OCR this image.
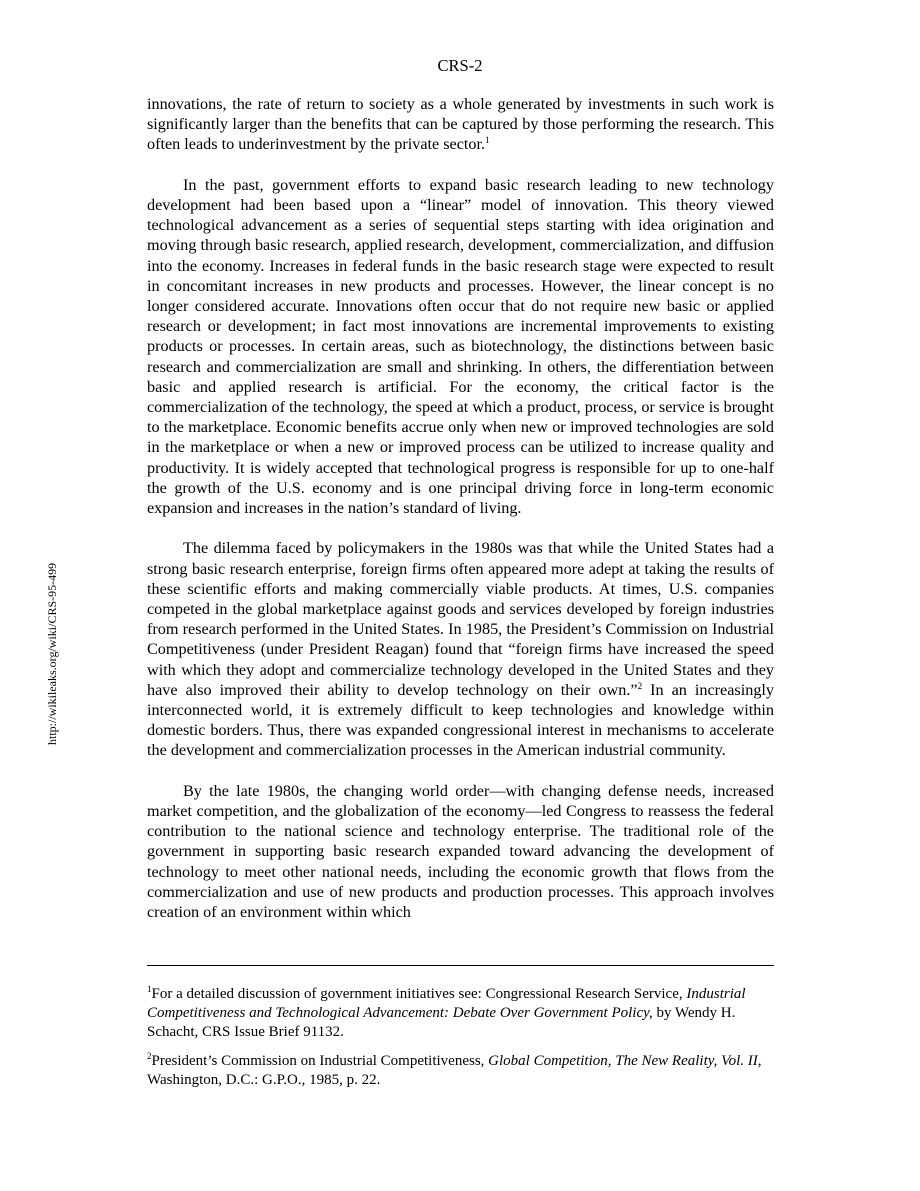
CRS-2
http://wikileaks.org/wiki/CRS-95-499

innovations, the rate of return to society as a whole generated by investments in such work is significantly larger than the benefits that can be captured by those performing the research. This often leads to underinvestment by the private sector.$^1$

In the past, government efforts to expand basic research leading to new technology development had been based upon a “linear” model of innovation. This theory viewed technological advancement as a series of sequential steps starting with idea origination and moving through basic research, applied research, development, commercialization, and diffusion into the economy. Increases in federal funds in the basic research stage were expected to result in concomitant increases in new products and processes. However, the linear concept is no longer considered accurate. Innovations often occur that do not require new basic or applied research or development; in fact most innovations are incremental improvements to existing products or processes. In certain areas, such as biotechnology, the distinctions between basic research and commercialization are small and shrinking. In others, the differentiation between basic and applied research is artificial. For the economy, the critical factor is the commercialization of the technology, the speed at which a product, process, or service is brought to the marketplace. Economic benefits accrue only when new or improved technologies are sold in the marketplace or when a new or improved process can be utilized to increase quality and productivity. It is widely accepted that technological progress is responsible for up to one-half the growth of the U.S. economy and is one principal driving force in long-term economic expansion and increases in the nation’s standard of living.

The dilemma faced by policymakers in the 1980s was that while the United States had a strong basic research enterprise, foreign firms often appeared more adept at taking the results of these scientific efforts and making commercially viable products. At times, U.S. companies competed in the global marketplace against goods and services developed by foreign industries from research performed in the United States. In 1985, the President’s Commission on Industrial Competitiveness (under President Reagan) found that “foreign firms have increased the speed with which they adopt and commercialize technology developed in the United States and they have also improved their ability to develop technology on their own.”$^2$ In an increasingly interconnected world, it is extremely difficult to keep technologies and knowledge within domestic borders. Thus, there was expanded congressional interest in mechanisms to accelerate the development and commercialization processes in the American industrial community.

By the late 1980s, the changing world order—with changing defense needs, increased market competition, and the globalization of the economy—led Congress to reassess the federal contribution to the national science and technology enterprise. The traditional role of the government in supporting basic research expanded toward advancing the development of technology to meet other national needs, including the economic growth that flows from the commercialization and use of new products and production processes. This approach involves creation of an environment within which

$^1$For a detailed discussion of government initiatives see: Congressional Research Service, Industrial Competitiveness and Technological Advancement: Debate Over Government Policy, by Wendy H. Schacht, CRS Issue Brief 91132.

$^2$President’s Commission on Industrial Competitiveness, Global Competition, The New Reality, Vol. II, Washington, D.C.: G.P.O., 1985, p. 22.
